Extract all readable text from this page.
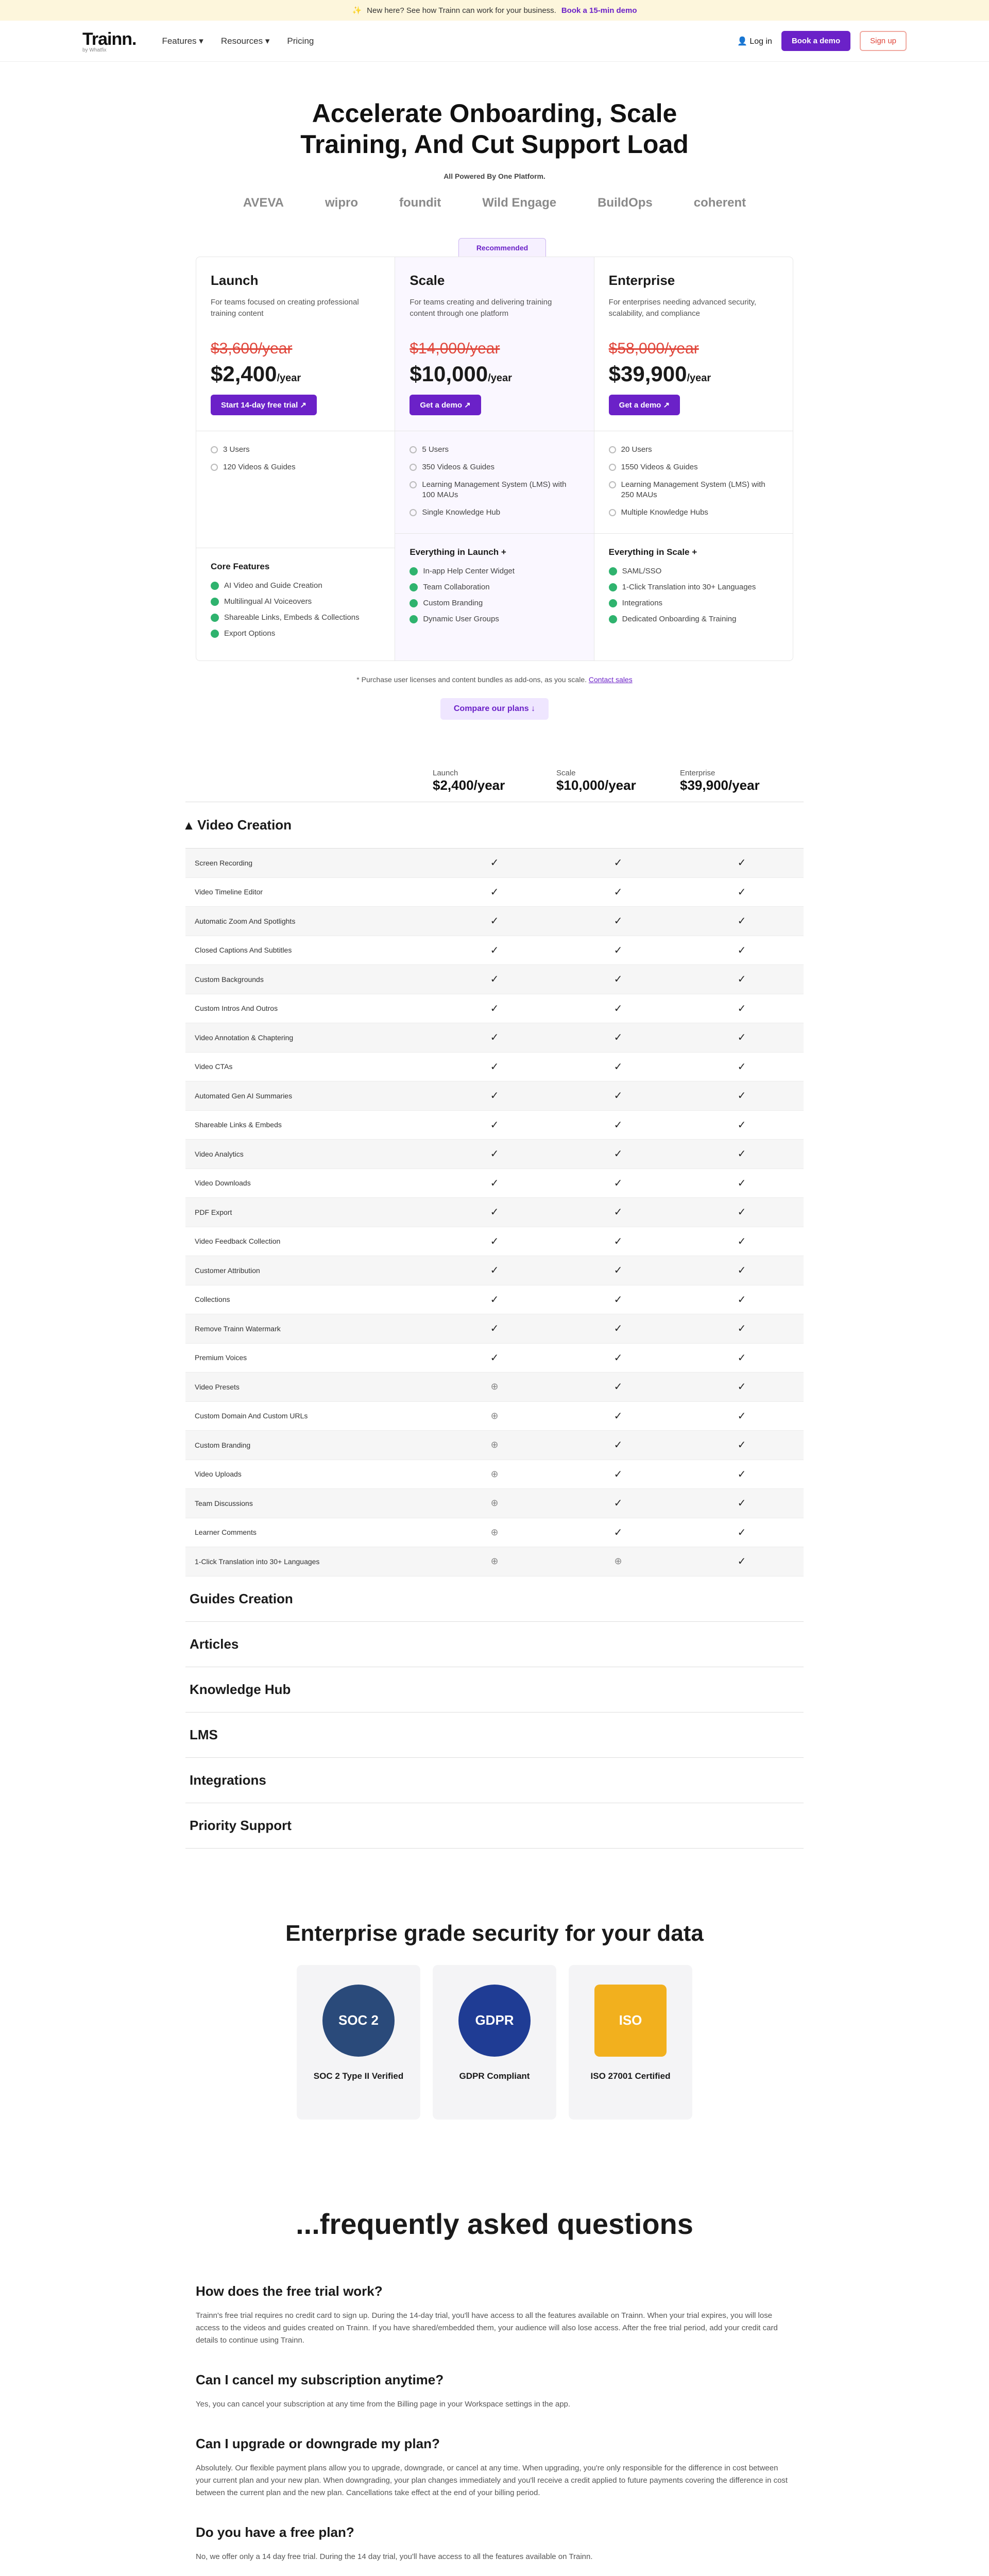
✨ New here? See how Trainn can work for your business. Book a 15-min demo
Trainn.
by Whatfix
Features ▾ Resources ▾ Pricing	👤 Log in	Book a demo	Sign up
Accelerate Onboarding, Scale Training, And Cut Support Load
All Powered By One Platform.
AVEVA	wipro	foundit	Wild Engage	BuildOps	coherent
Recommended
Launch
For teams focused on creating professional training content
$3,600/year
$2,400/year
Start 14-day free trial ↗
3 Users
120 Videos & Guides
Core Features
AI Video and Guide Creation
Multilingual AI Voiceovers
Shareable Links, Embeds & Collections
Export Options
Scale
For teams creating and delivering training content through one platform
$14,000/year
$10,000/year
Get a demo ↗
5 Users
350 Videos & Guides
Learning Management System (LMS) with 100 MAUs
Single Knowledge Hub
Everything in Launch +
In-app Help Center Widget
Team Collaboration
Custom Branding
Dynamic User Groups
Enterprise
For enterprises needing advanced security, scalability, and compliance
$58,000/year
$39,900/year
Get a demo ↗
20 Users
1550 Videos & Guides
Learning Management System (LMS) with 250 MAUs
Multiple Knowledge Hubs
Everything in Scale +
SAML/SSO
1-Click Translation into 30+ Languages
Integrations
Dedicated Onboarding & Training
* Purchase user licenses and content bundles as add-ons, as you scale. Contact sales
Compare our plans ↓
Launch
$2,400/year
Scale
$10,000/year
Enterprise
$39,900/year
▴ Video Creation
Screen Recording	✓	✓	✓
Video Timeline Editor	✓	✓	✓
Automatic Zoom And Spotlights	✓	✓	✓
Closed Captions And Subtitles	✓	✓	✓
Custom Backgrounds	✓	✓	✓
Custom Intros And Outros	✓	✓	✓
Video Annotation & Chaptering	✓	✓	✓
Video CTAs	✓	✓	✓
Automated Gen AI Summaries	✓	✓	✓
Shareable Links & Embeds	✓	✓	✓
Video Analytics	✓	✓	✓
Video Downloads	✓	✓	✓
PDF Export	✓	✓	✓
Video Feedback Collection	✓	✓	✓
Customer Attribution	✓	✓	✓
Collections	✓	✓	✓
Remove Trainn Watermark	✓	✓	✓
Premium Voices	✓	✓	✓
Video Presets	⊕	✓	✓
Custom Domain And Custom URLs	⊕	✓	✓
Custom Branding	⊕	✓	✓
Video Uploads	⊕	✓	✓
Team Discussions	⊕	✓	✓
Learner Comments	⊕	✓	✓
1-Click Translation into 30+ Languages	⊕	⊕	✓
Guides Creation
Articles
Knowledge Hub
LMS
Integrations
Priority Support
Enterprise grade security for your data
SOC 2
SOC 2 Type II Verified
GDPR
GDPR Compliant
ISO
ISO 27001 Certified
...frequently asked questions
How does the free trial work?

Trainn's free trial requires no credit card to sign up. During the 14-day trial, you'll have access to all the features available on Trainn. When your trial expires, you will lose access to the videos and guides created on Trainn. If you have shared/embedded them, your audience will also lose access. After the free trial period, add your credit card details to continue using Trainn.

Can I cancel my subscription anytime?

Yes, you can cancel your subscription at any time from the Billing page in your Workspace settings in the app.

Can I upgrade or downgrade my plan?

Absolutely. Our flexible payment plans allow you to upgrade, downgrade, or cancel at any time. When upgrading, you're only responsible for the difference in cost between your current plan and your new plan. When downgrading, your plan changes immediately and you'll receive a credit applied to future payments covering the difference in cost between the current plan and the new plan. Cancellations take effect at the end of your billing period.

Do you have a free plan?

No, we offer only a 14 day free trial. During the 14 day trial, you'll have access to all the features available on Trainn.
